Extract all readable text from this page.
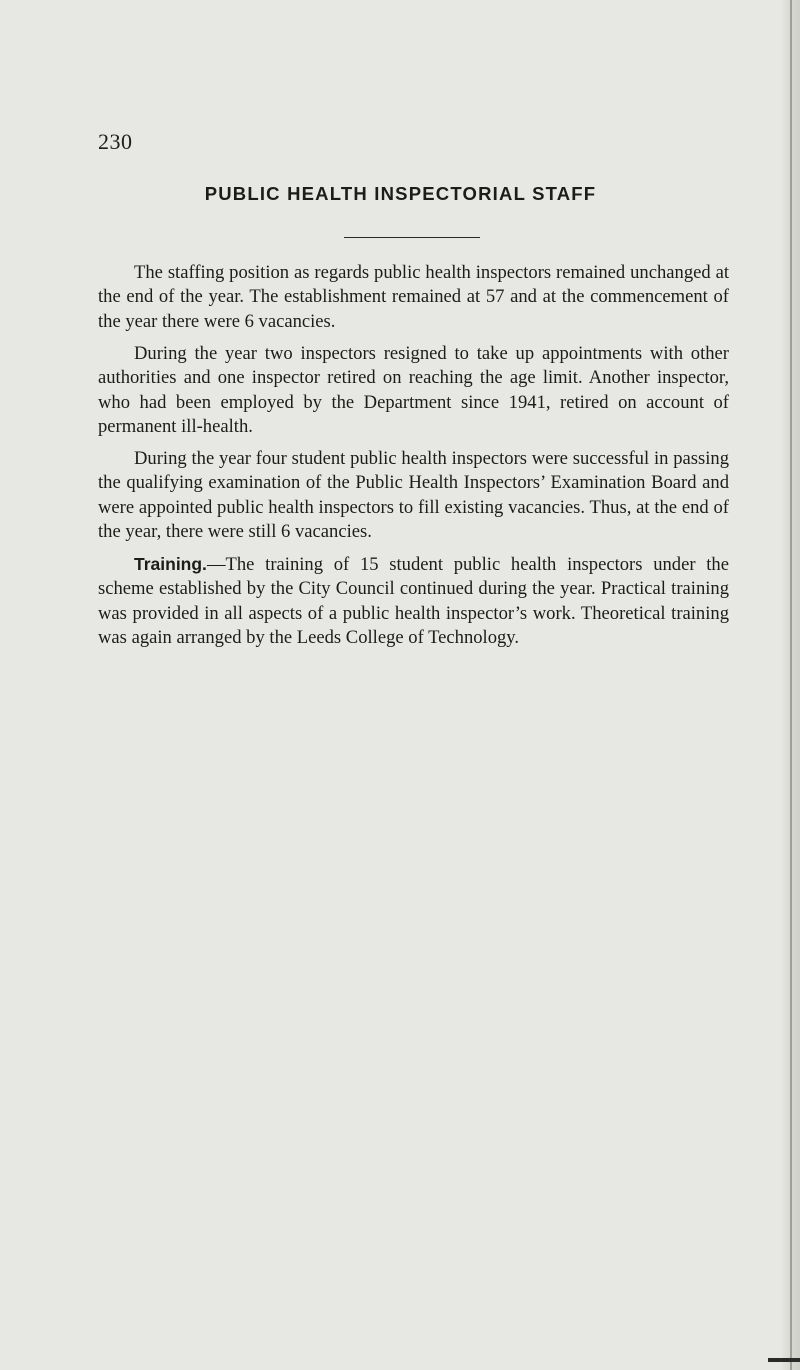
230
PUBLIC HEALTH INSPECTORIAL STAFF

The staffing position as regards public health inspectors remained unchanged at the end of the year. The establishment remained at 57 and at the commencement of the year there were 6 vacancies.

During the year two inspectors resigned to take up appointments with other authorities and one inspector retired on reaching the age limit. Another inspector, who had been employed by the Department since 1941, retired on account of permanent ill-health.

During the year four student public health inspectors were successful in passing the qualifying examination of the Public Health Inspectors’ Examination Board and were appointed public health inspectors to fill existing vacancies. Thus, at the end of the year, there were still 6 vacancies.

Training.—The training of 15 student public health inspectors under the scheme established by the City Council continued during the year. Practical training was provided in all aspects of a public health inspector’s work. Theoretical training was again arranged by the Leeds College of Technology.
